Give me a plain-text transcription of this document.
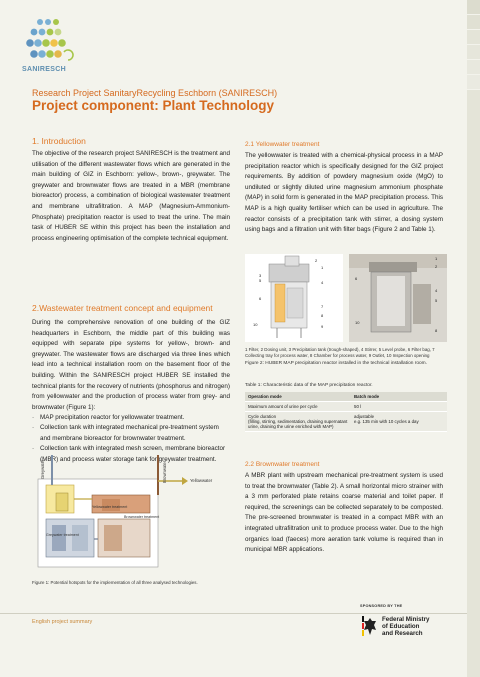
SANIRESCH
Research Project SanitaryRecycling Eschborn (SANIRESCH)
Project component: Plant Technology
1. Introduction
The objective of the research project SANIRESCH is the treatment and utilisation of the different wastewater flows which are generated in the main building of GIZ in Eschborn: yellow-, brown-, greywater. The greywater and brownwater flows are treated in a MBR (membrane bioreactor) process, a combination of biological wastewater treatment and membrane ultrafiltration. A MAP (Magnesium-Ammonium-Phosphate) precipitation reactor is used to treat the urine. The main task of HUBER SE within this project has been the installation and process engineering optimisation of the complete technical equipment.
2.Wastewater treatment concept and equipment
During the comprehensive renovation of one building of the GIZ headquarters in Eschborn, the middle part of this building was equipped with separate pipe systems for yellow-, brown- and greywater. The wastewater flows are discharged via three lines which lead into a technical installation room on the basement floor of the building. Within the SANIRESCH project HUBER SE installed the technical plants for the recovery of nutrients (phosphorus and nitrogen) from yellowwater and the production of process water from grey- and brownwater (Figure 1):
· MAP precipitation reactor for yellowwater treatment.
· Collection tank with integrated mechanical pre-treatment system and membrane bioreactor for brownwater treatment.
· Collection tank with integrated mesh screen, membrane bioreactor (MBR) and process water storage tank for greywater treatment.
Greywater	Brownwater	Yellowwater
Yellowwater treatment
Brownwater treatment
Greywater treatment
Figure 1: Potential hotspots for the implementation of all three analysed technologies.
2.1 Yellowwater treatment
The yellowwater is treated with a chemical-physical process in a MAP precipitation reactor which is specifically designed for the GIZ project requirements. By addition of powdery magnesium oxide (MgO) to undiluted or slightly diluted urine magnesium ammonium phosphate (MAP) in solid form is generated in the MAP precipitation process. This MAP is a high quality fertiliser which can be used in agriculture. The reactor consists of a precipitation tank with stirrer, a dosing system using bags and a filtration unit with filter bags (Figure 2 and Table 1).
2
1
3
5	4
6
7
8
10	9
1
2
6
4
5
10
8
1 Filter, 2 Dosing unit, 3 Precipitation tank (trough-shaped), 4 Stirrer, 5 Level probe, 6 Filter bag, 7 Collecting tray for process water, 8 Chamber for process water, 9 Outlet, 10 Inspection opening
Figure 2: HUBER MAP precipitation reactor installed in the technical installation room.
Table 1: Characteristic data of the MAP precipitation reactor.
Operation mode	Batch mode
Maximum amount of urine per cycle	50 l
Cycle duration
(filling, stirring, sedimentation, draining supernatant urine, draining the urine enriched with MAP)	adjustable
e.g. 135 min with 10 cycles a day
2.2 Brownwater treatment
A MBR plant with upstream mechanical pre-treatment system is used to treat the brownwater (Table 2). A small horizontal micro strainer with a 3 mm perforated plate retains coarse material and toilet paper. If required, the screenings can be collected separately to be composted. The pre-screened brownwater is treated in a compact MBR with an integrated ultrafiltration unit to produce process water. Due to the high organics load (faeces) more aeration tank volume is required than in municipal MBR applications.
English project summary
SPONSORED BY THE
Federal Ministry
of Education
and Research
